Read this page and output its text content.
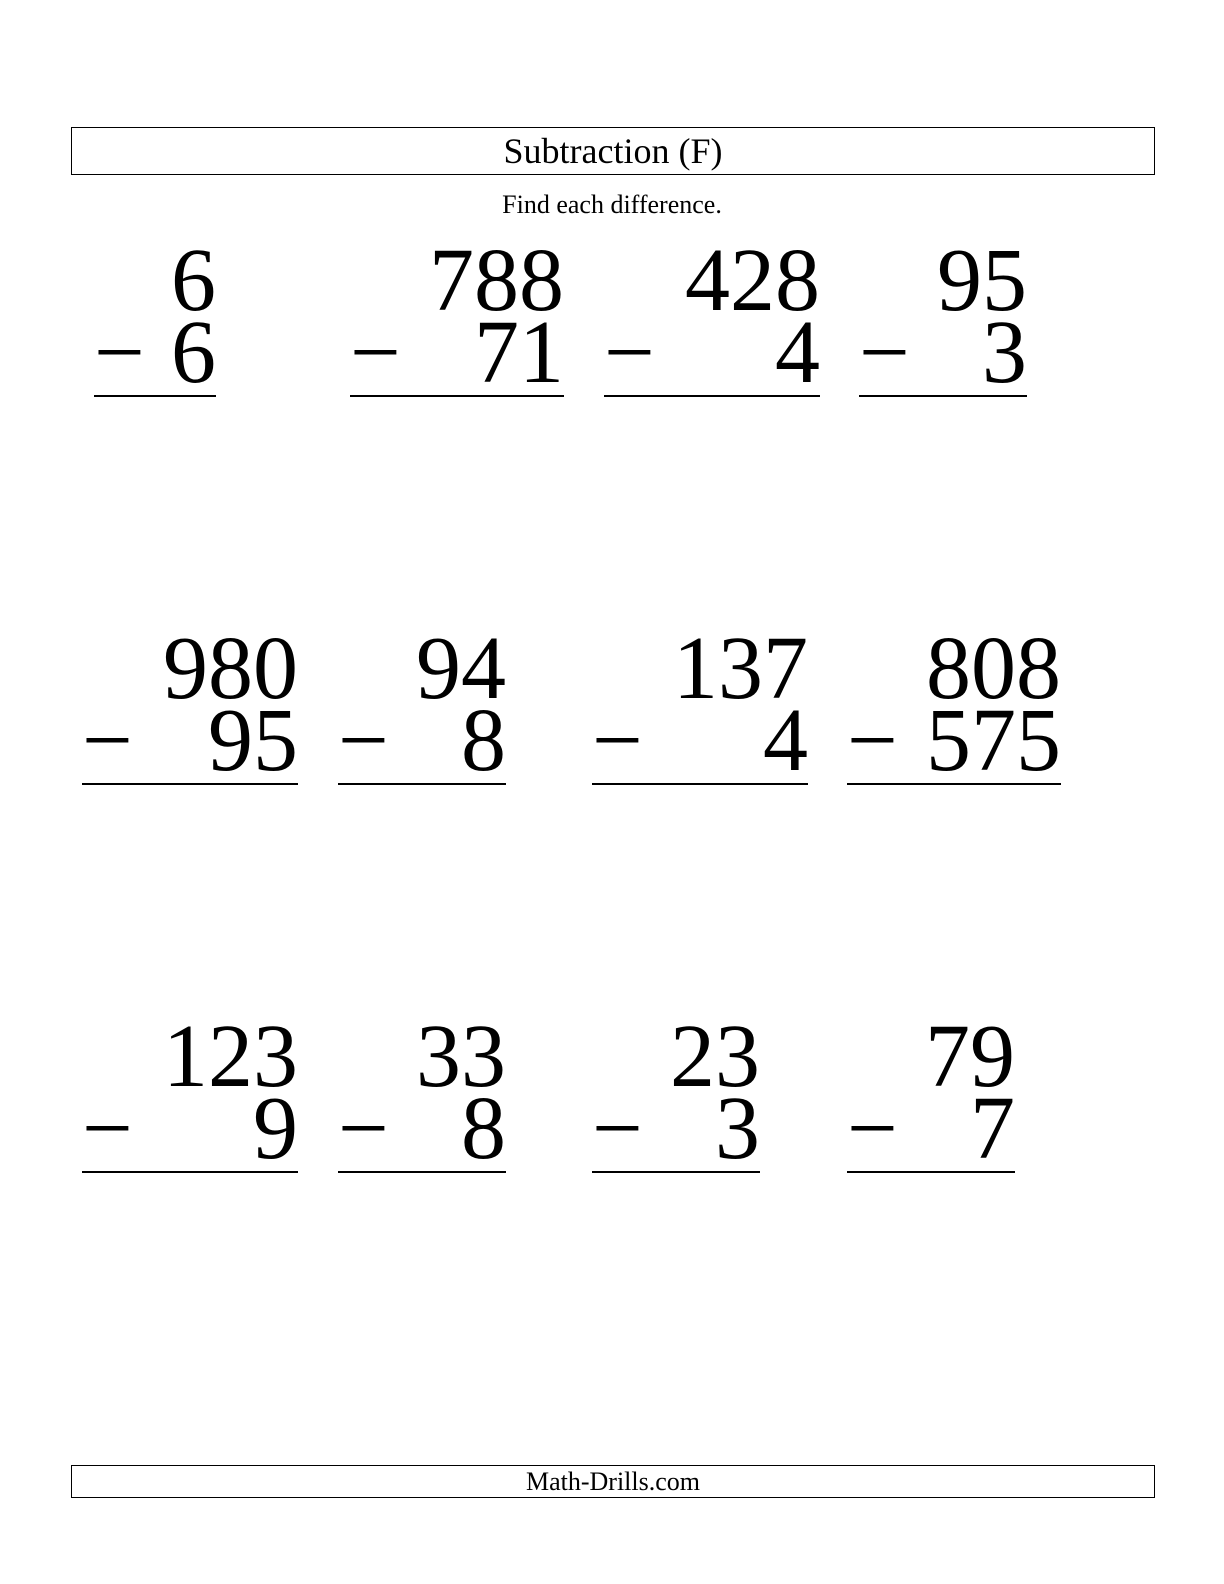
Subtraction (F)
Find each difference.
6
− 6
788
− 71
428
− 4
95
− 3
980
− 95
94
− 8
137
− 4
808
− 575
123
− 9
33
− 8
23
− 3
79
− 7
Math-Drills.com
